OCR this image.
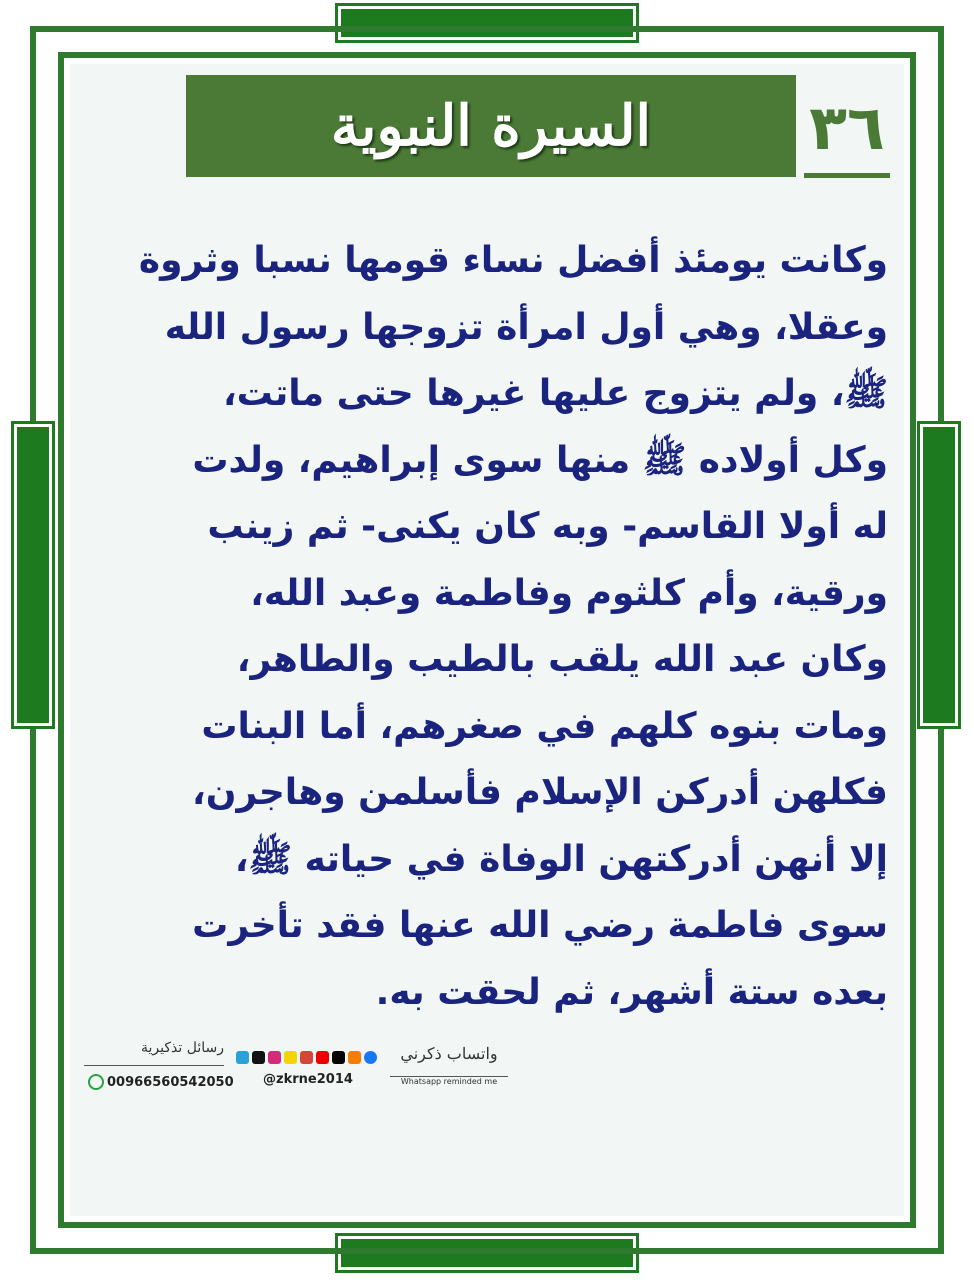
السيرة النبوية	٣٦
وكانت يومئذ أفضل نساء قومها نسبا وثروة
وعقلا، وهي أول امرأة تزوجها رسول الله
ﷺ، ولم يتزوج عليها غيرها حتى ماتت،
وكل أولاده ﷺ منها سوى إبراهيم، ولدت
له أولا القاسم- وبه كان يكنى- ثم زينب
ورقية، وأم كلثوم وفاطمة وعبد الله،
وكان عبد الله يلقب بالطيب والطاهر،
ومات بنوه كلهم في صغرهم، أما البنات
فكلهن أدركن الإسلام فأسلمن وهاجرن،
إلا أنهن أدركتهن الوفاة في حياته ﷺ،
سوى فاطمة رضي الله عنها فقد تأخرت
بعده ستة أشهر، ثم لحقت به.
رسائل تذكيرية
00966560542050	@zkrne2014
واتساب ذكرني
Whatsapp reminded me
